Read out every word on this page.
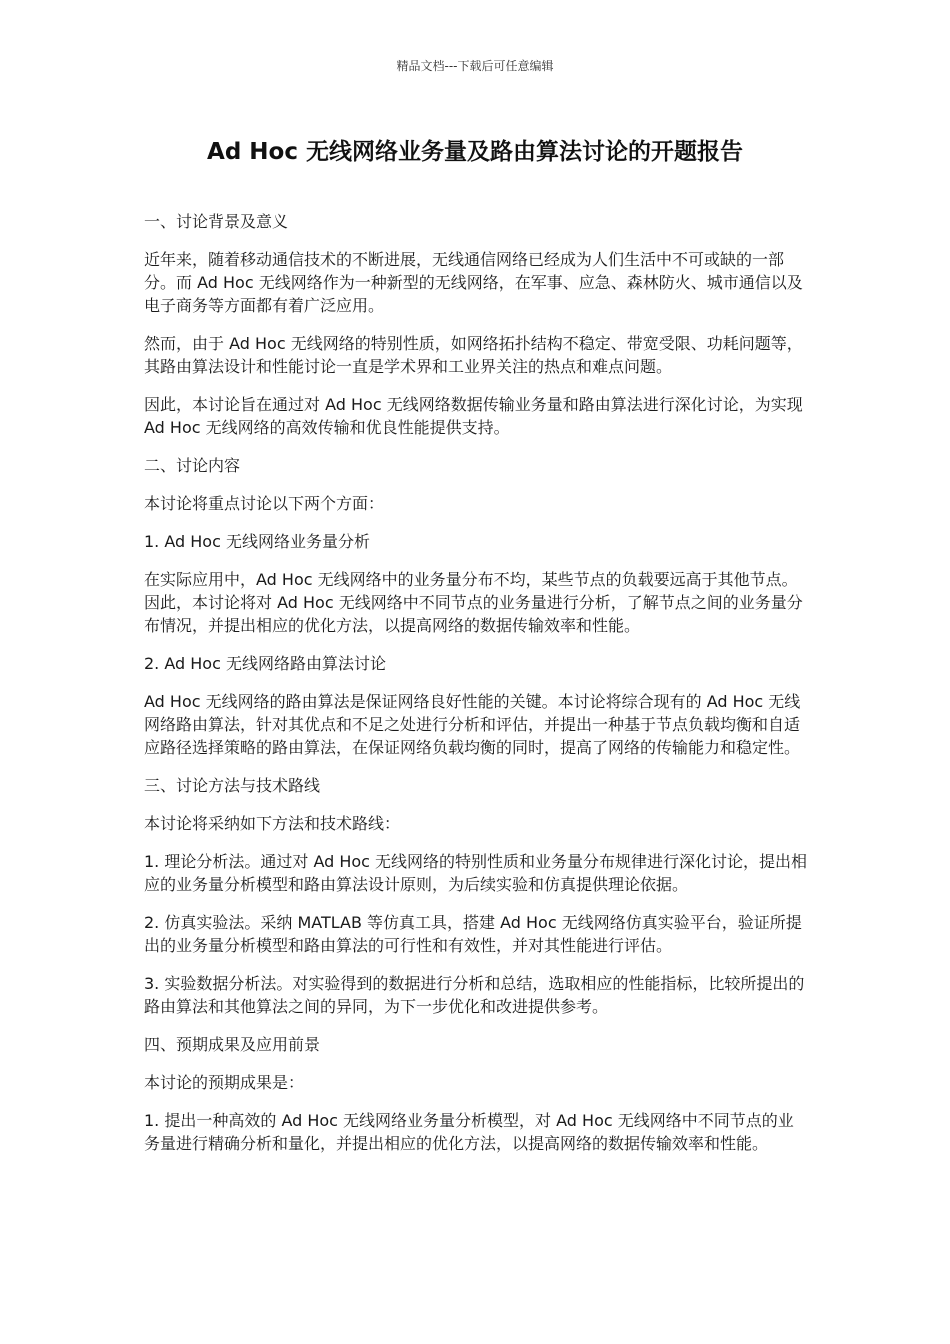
精品文档---下载后可任意编辑
Ad Hoc 无线网络业务量及路由算法讨论的开题报告

一、讨论背景及意义

近年来，随着移动通信技术的不断进展，无线通信网络已经成为人们生活中不可或缺的一部分。而 Ad Hoc 无线网络作为一种新型的无线网络，在军事、应急、森林防火、城市通信以及电子商务等方面都有着广泛应用。

然而，由于 Ad Hoc 无线网络的特别性质，如网络拓扑结构不稳定、带宽受限、功耗问题等，其路由算法设计和性能讨论一直是学术界和工业界关注的热点和难点问题。

因此，本讨论旨在通过对 Ad Hoc 无线网络数据传输业务量和路由算法进行深化讨论，为实现 Ad Hoc 无线网络的高效传输和优良性能提供支持。

二、讨论内容

本讨论将重点讨论以下两个方面：

1. Ad Hoc 无线网络业务量分析

在实际应用中，Ad Hoc 无线网络中的业务量分布不均，某些节点的负载要远高于其他节点。因此，本讨论将对 Ad Hoc 无线网络中不同节点的业务量进行分析，了解节点之间的业务量分布情况，并提出相应的优化方法，以提高网络的数据传输效率和性能。

2. Ad Hoc 无线网络路由算法讨论

Ad Hoc 无线网络的路由算法是保证网络良好性能的关键。本讨论将综合现有的 Ad Hoc 无线网络路由算法，针对其优点和不足之处进行分析和评估，并提出一种基于节点负载均衡和自适应路径选择策略的路由算法，在保证网络负载均衡的同时，提高了网络的传输能力和稳定性。

三、讨论方法与技术路线

本讨论将采纳如下方法和技术路线：

1. 理论分析法。通过对 Ad Hoc 无线网络的特别性质和业务量分布规律进行深化讨论，提出相应的业务量分析模型和路由算法设计原则，为后续实验和仿真提供理论依据。

2. 仿真实验法。采纳 MATLAB 等仿真工具，搭建 Ad Hoc 无线网络仿真实验平台，验证所提出的业务量分析模型和路由算法的可行性和有效性，并对其性能进行评估。

3. 实验数据分析法。对实验得到的数据进行分析和总结，选取相应的性能指标，比较所提出的路由算法和其他算法之间的异同，为下一步优化和改进提供参考。

四、预期成果及应用前景

本讨论的预期成果是：

1. 提出一种高效的 Ad Hoc 无线网络业务量分析模型，对 Ad Hoc 无线网络中不同节点的业务量进行精确分析和量化，并提出相应的优化方法，以提高网络的数据传输效率和性能。
